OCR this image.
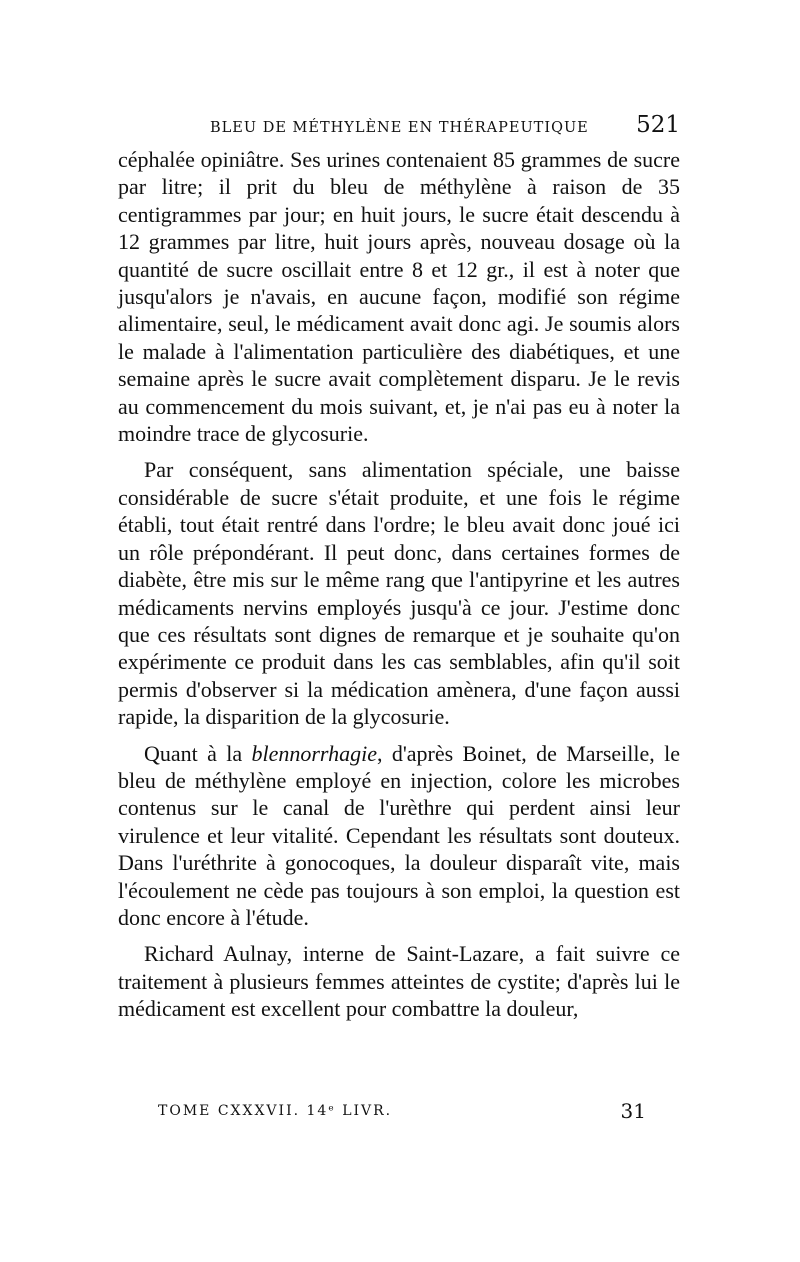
BLEU DE MÉTHYLÈNE EN THÉRAPEUTIQUE 521

céphalée opiniâtre. Ses urines contenaient 85 grammes de sucre par litre; il prit du bleu de méthylène à raison de 35 centigrammes par jour; en huit jours, le sucre était descendu à 12 grammes par litre, huit jours après, nouveau dosage où la quantité de sucre oscillait entre 8 et 12 gr., il est à noter que jusqu'alors je n'avais, en aucune façon, modifié son régime alimentaire, seul, le médicament avait donc agi. Je soumis alors le malade à l'alimentation particulière des diabétiques, et une semaine après le sucre avait complètement disparu. Je le revis au commencement du mois suivant, et, je n'ai pas eu à noter la moindre trace de glycosurie.

Par conséquent, sans alimentation spéciale, une baisse considérable de sucre s'était produite, et une fois le régime établi, tout était rentré dans l'ordre; le bleu avait donc joué ici un rôle prépondérant. Il peut donc, dans certaines formes de diabète, être mis sur le même rang que l'antipyrine et les autres médicaments nervins employés jusqu'à ce jour. J'estime donc que ces résultats sont dignes de remarque et je souhaite qu'on expérimente ce produit dans les cas semblables, afin qu'il soit permis d'observer si la médication amènera, d'une façon aussi rapide, la disparition de la glycosurie.

Quant à la blennorrhagie, d'après Boinet, de Marseille, le bleu de méthylène employé en injection, colore les microbes contenus sur le canal de l'urèthre qui perdent ainsi leur virulence et leur vitalité. Cependant les résultats sont douteux. Dans l'uréthrite à gonocoques, la douleur disparaît vite, mais l'écoulement ne cède pas toujours à son emploi, la question est donc encore à l'étude.

Richard Aulnay, interne de Saint-Lazare, a fait suivre ce traitement à plusieurs femmes atteintes de cystite; d'après lui le médicament est excellent pour combattre la douleur,

TOME CXXXVII. 14ᵉ LIVR.	31
